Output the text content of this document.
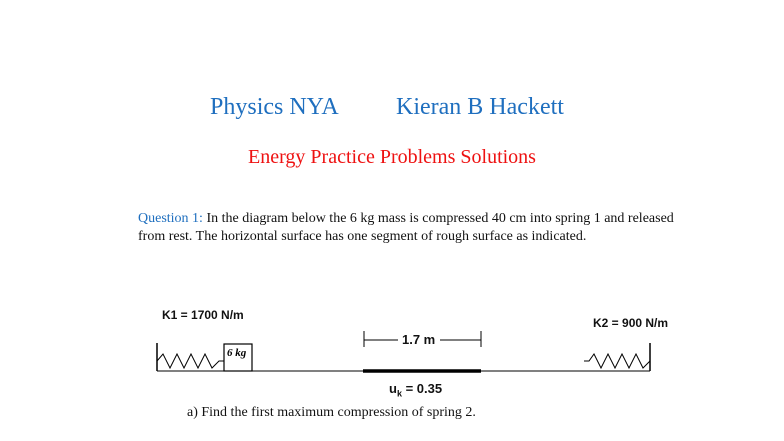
Physics NYA Kieran B Hackett
Energy Practice Problems Solutions
Question 1: In the diagram below the 6 kg mass is compressed 40 cm into spring 1 and released from rest. The horizontal surface has one segment of rough surface as indicated.
K1 = 1700 N/m
K2 = 900 N/m
1.7 m
6 kg
$u_k = 0.35$
a) Find the first maximum compression of spring 2.
